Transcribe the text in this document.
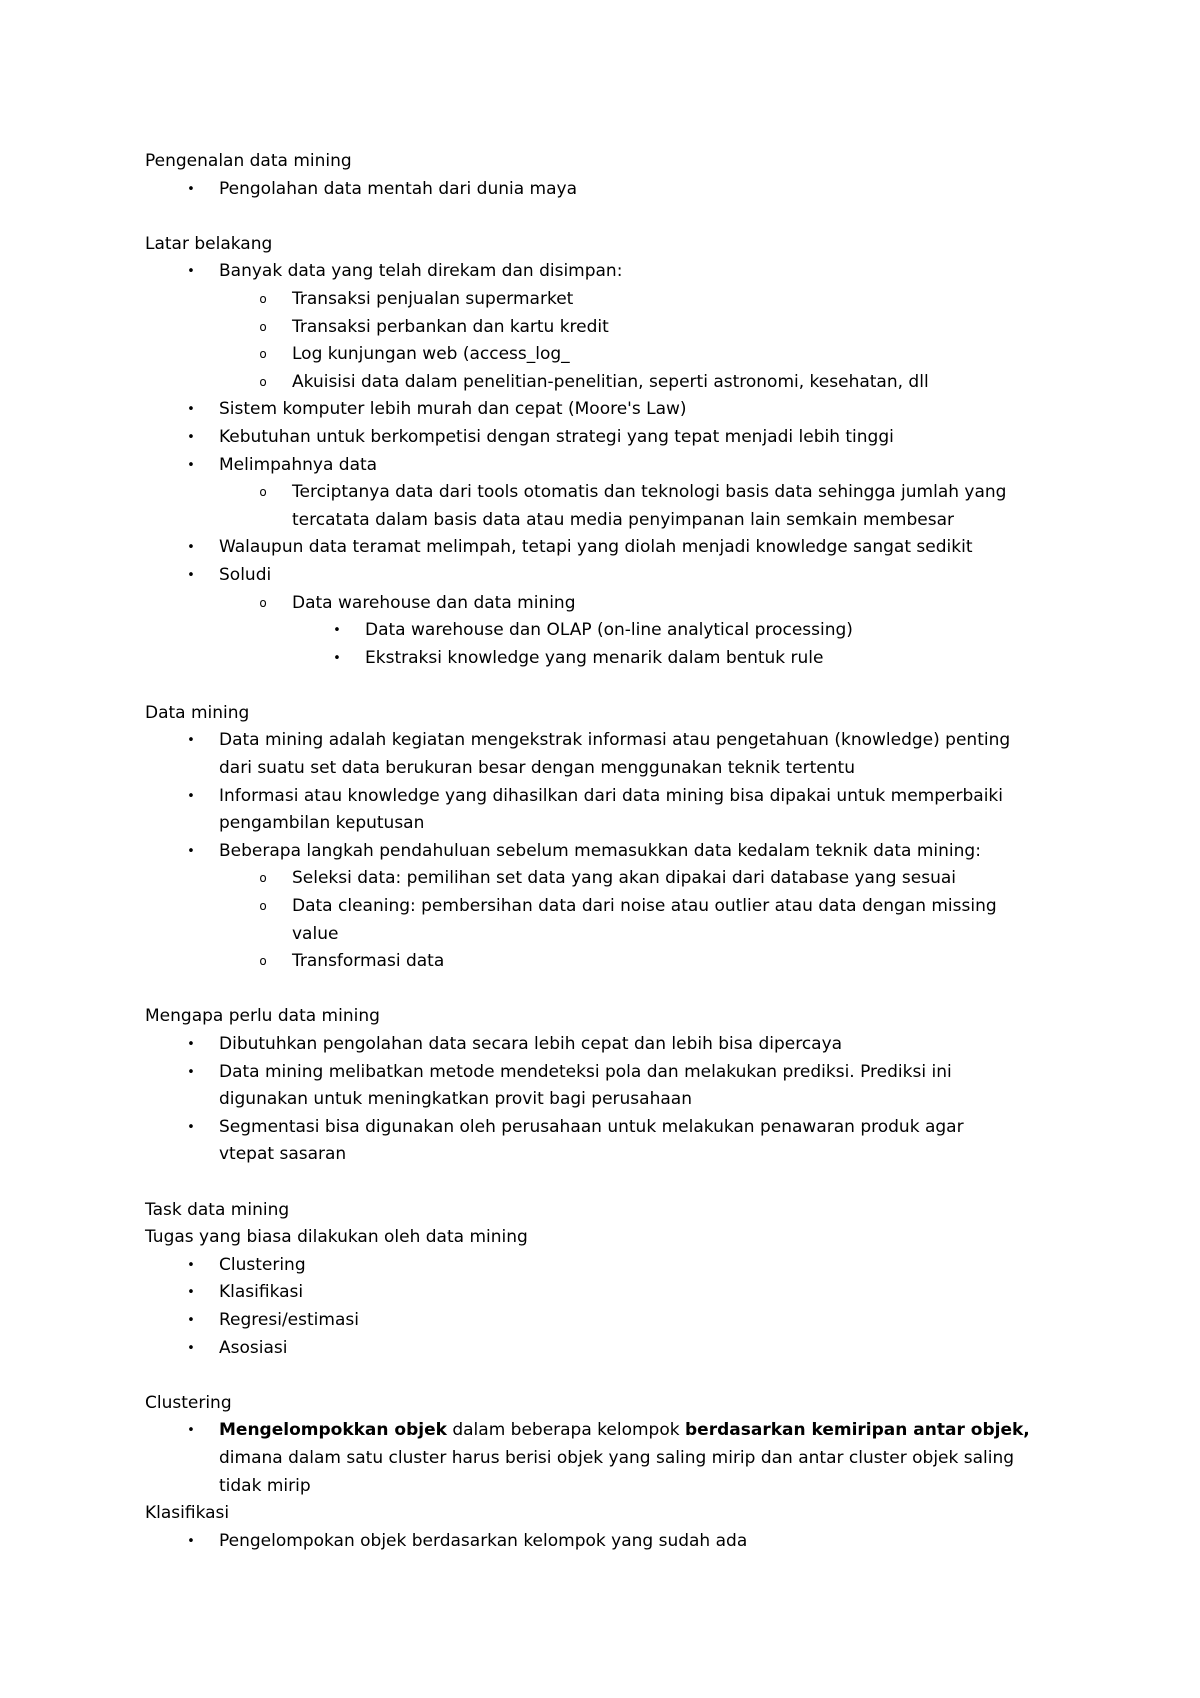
Pengenalan data mining
•	Pengolahan data mentah dari dunia maya
Latar belakang
•	Banyak data yang telah direkam dan disimpan:
o	Transaksi penjualan supermarket
o	Transaksi perbankan dan kartu kredit
o	Log kunjungan web (access_log_
o	Akuisisi data dalam penelitian-penelitian, seperti astronomi, kesehatan, dll
•	Sistem komputer lebih murah dan cepat (Moore's Law)
•	Kebutuhan untuk berkompetisi dengan strategi yang tepat menjadi lebih tinggi
•	Melimpahnya data
o	Terciptanya data dari tools otomatis dan teknologi basis data sehingga jumlah yang
tercatata dalam basis data atau media penyimpanan lain semkain membesar
•	Walaupun data teramat melimpah, tetapi yang diolah menjadi knowledge sangat sedikit
•	Soludi
o	Data warehouse dan data mining
•	Data warehouse dan OLAP (on-line analytical processing)
•	Ekstraksi knowledge yang menarik dalam bentuk rule
Data mining
•	Data mining adalah kegiatan mengekstrak informasi atau pengetahuan (knowledge) penting
dari suatu set data berukuran besar dengan menggunakan teknik tertentu
•	Informasi atau knowledge yang dihasilkan dari data mining bisa dipakai untuk memperbaiki
pengambilan keputusan
•	Beberapa langkah pendahuluan sebelum memasukkan data kedalam teknik data mining:
o	Seleksi data: pemilihan set data yang akan dipakai dari database yang sesuai
o	Data cleaning: pembersihan data dari noise atau outlier atau data dengan missing
value
o	Transformasi data
Mengapa perlu data mining
•	Dibutuhkan pengolahan data secara lebih cepat dan lebih bisa dipercaya
•	Data mining melibatkan metode mendeteksi pola dan melakukan prediksi. Prediksi ini
digunakan untuk meningkatkan provit bagi perusahaan
•	Segmentasi bisa digunakan oleh perusahaan untuk melakukan penawaran produk agar
vtepat sasaran
Task data mining
Tugas yang biasa dilakukan oleh data mining
•	Clustering
•	Klasifikasi
•	Regresi/estimasi
•	Asosiasi
Clustering
•	Mengelompokkan objek dalam beberapa kelompok berdasarkan kemiripan antar objek,
dimana dalam satu cluster harus berisi objek yang saling mirip dan antar cluster objek saling
tidak mirip
Klasifikasi
•	Pengelompokan objek berdasarkan kelompok yang sudah ada
